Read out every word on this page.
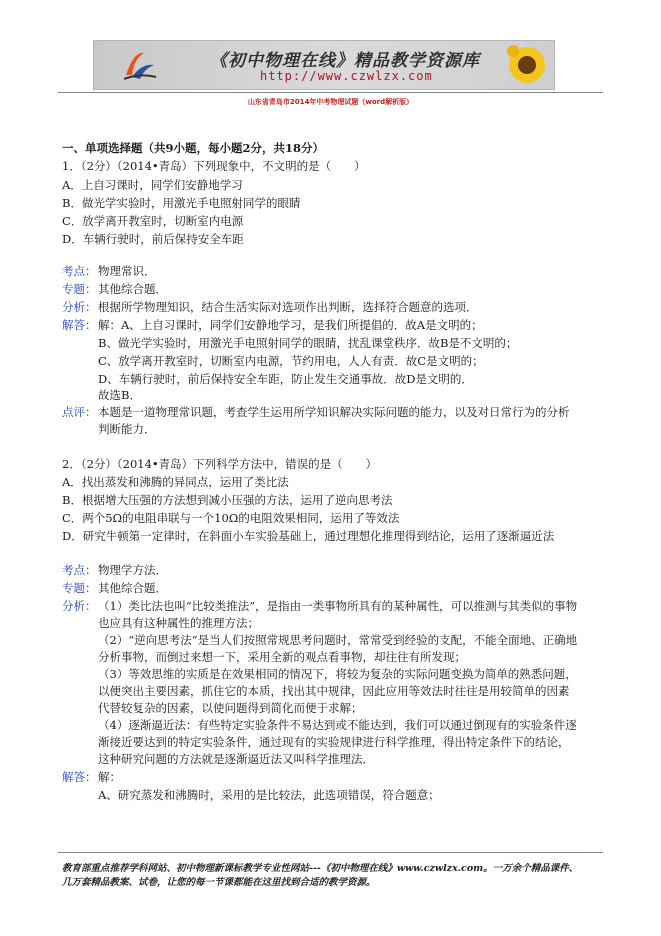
《初中物理在线》精品教学资源库
http://www.czwlzx.com
山东省青岛市2014年中考物理试题（word解析版）
一、单项选择题（共9小题，每小题2分，共18分）
1．（2分）（2014•青岛）下列现象中，不文明的是（　　）
A．上自习课时，同学们安静地学习
B．做光学实验时，用激光手电照射同学的眼睛
C．放学离开教室时，切断室内电源
D．车辆行驶时，前后保持安全车距
考点： 物理常识．
专题： 其他综合题．
分析： 根据所学物理知识，结合生活实际对选项作出判断，选择符合题意的选项．
解答： 解：A、上自习课时，同学们安静地学习，是我们所提倡的．故A是文明的；
B、做光学实验时，用激光手电照射同学的眼睛，扰乱课堂秩序．故B是不文明的；
C、放学离开教室时，切断室内电源，节约用电，人人有责．故C是文明的；
D、车辆行驶时，前后保持安全车距，防止发生交通事故．故D是文明的．
故选B．
点评： 本题是一道物理常识题，考查学生运用所学知识解决实际问题的能力，以及对日常行为的分析
判断能力．
2．（2分）（2014•青岛）下列科学方法中，错误的是（　　）
A．找出蒸发和沸腾的异同点，运用了类比法
B．根据增大压强的方法想到减小压强的方法，运用了逆向思考法
C．两个5Ω的电阻串联与一个10Ω的电阻效果相同，运用了等效法
D．研究牛顿第一定律时，在斜面小车实验基础上，通过理想化推理得到结论，运用了逐渐逼近法
考点： 物理学方法．
专题： 其他综合题．
分析： （1）类比法也叫“比较类推法”，是指由一类事物所具有的某种属性，可以推测与其类似的事物
也应具有这种属性的推理方法；
（2）“逆向思考法”是当人们按照常规思考问题时，常常受到经验的支配，不能全面地、正确地
分析事物，而倒过来想一下，采用全新的观点看事物，却往往有所发现；
（3）等效思维的实质是在效果相同的情况下，将较为复杂的实际问题变换为简单的熟悉问题，
以便突出主要因素，抓住它的本质，找出其中规律，因此应用等效法时往往是用较简单的因素
代替较复杂的因素，以使问题得到简化而便于求解；
（4）逐渐逼近法：有些特定实验条件不易达到或不能达到，我们可以通过倒现有的实验条件逐
渐接近要达到的特定实验条件，通过现有的实验规律进行科学推理，得出特定条件下的结论，
这种研究问题的方法就是逐渐逼近法又叫科学推理法．
解答： 解：
A、研究蒸发和沸腾时，采用的是比较法，此选项错误，符合题意；
教育部重点推荐学科网站、初中物理新课标教学专业性网站---《初中物理在线》www.czwlzx.com。一万余个精品课件、
几万套精品教案、试卷，让您的每一节课都能在这里找到合适的教学资源。
